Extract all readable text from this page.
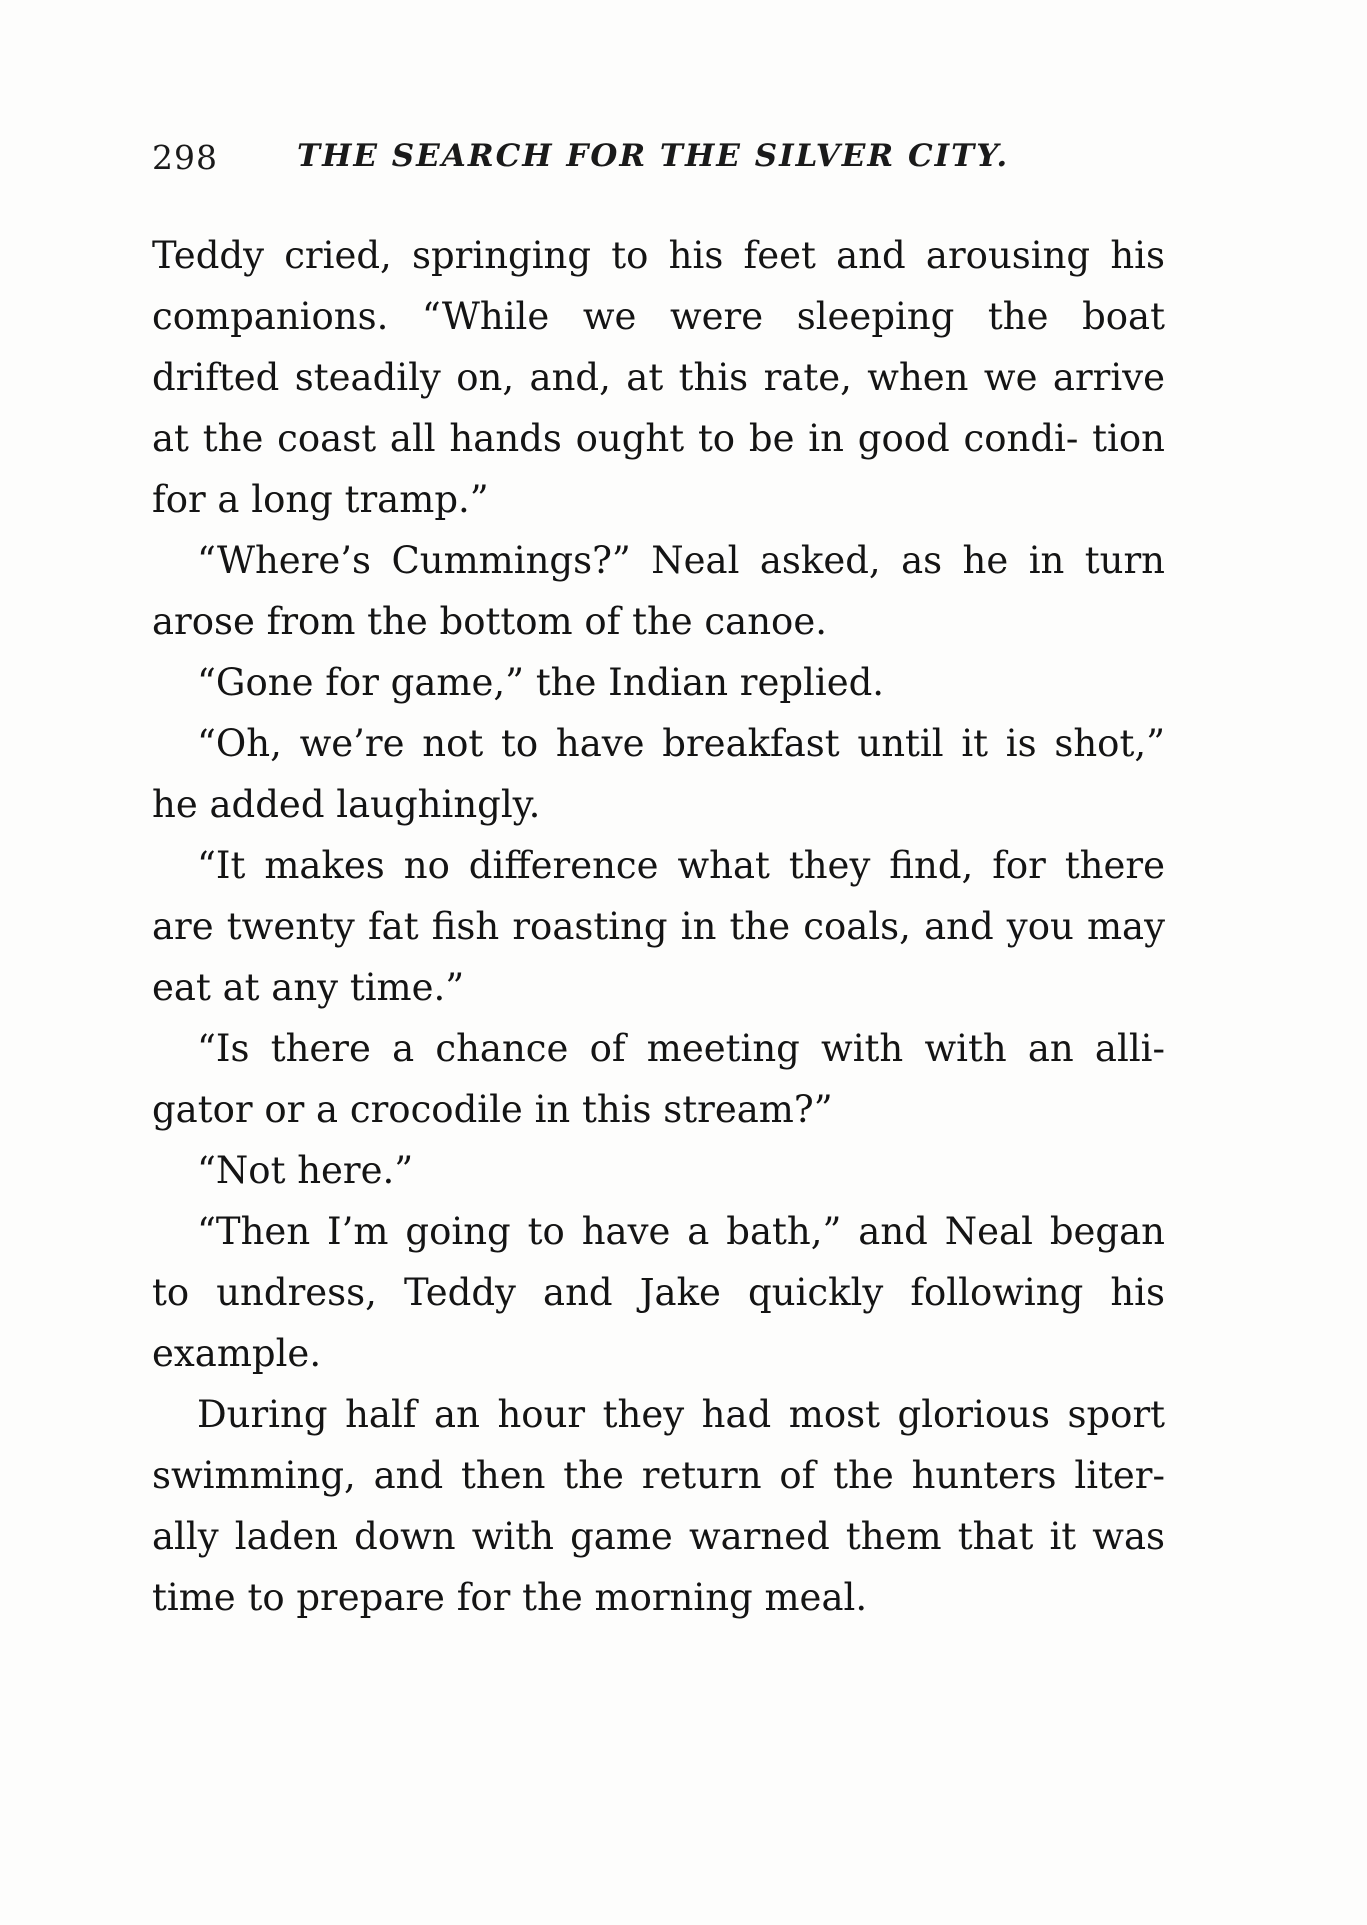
298	THE SEARCH FOR THE SILVER CITY.

Teddy cried, springing to his feet and arousing his companions. “While we were sleeping the boat drifted steadily on, and, at this rate, when we arrive at the coast all hands ought to be in good condi- tion for a long tramp.”

“Where’s Cummings?” Neal asked, as he in turn arose from the bottom of the canoe.

“Gone for game,” the Indian replied.

“Oh, we’re not to have breakfast until it is shot,” he added laughingly.

“It makes no difference what they find, for there are twenty fat fish roasting in the coals, and you may eat at any time.”

“Is there a chance of meeting with with an alli- gator or a crocodile in this stream?”

“Not here.”

“Then I’m going to have a bath,” and Neal began to undress, Teddy and Jake quickly following his example.

During half an hour they had most glorious sport swimming, and then the return of the hunters liter- ally laden down with game warned them that it was time to prepare for the morning meal.
